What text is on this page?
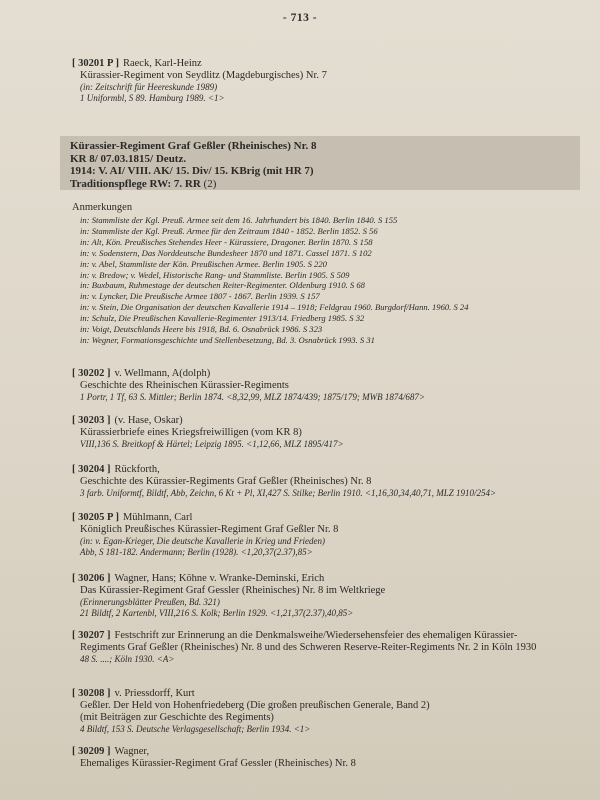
- 713 -
[ 30201 P ] Raeck, Karl-Heinz
Kürassier-Regiment von Seydlitz (Magdeburgisches) Nr. 7
(in: Zeitschrift für Heereskunde 1989)
1 Uniformbl, S 89. Hamburg 1989. <1>
Kürassier-Regiment Graf Geßler (Rheinisches) Nr. 8
KR 8/ 07.03.1815/ Deutz.
1914: V. AI/ VIII. AK/ 15. Div/ 15. KBrig (mit HR 7)
Traditionspflege RW: 7. RR (2)
Anmerkungen
in: Stammliste der Kgl. Preuß. Armee seit dem 16. Jahrhundert bis 1840. Berlin 1840. S 155
in: Stammliste der Kgl. Preuß. Armee für den Zeitraum 1840 - 1852. Berlin 1852. S 56
in: Alt, Kön. Preußisches Stehendes Heer - Kürassiere, Dragoner. Berlin 1870. S 158
in: v. Sodenstern, Das Norddeutsche Bundesheer 1870 und 1871. Cassel 1871. S 102
in: v. Abel, Stammliste der Kön. Preußischen Armee. Berlin 1905. S 220
in: v. Bredow; v. Wedel, Historische Rang- und Stammliste. Berlin 1905. S 509
in: Buxbaum, Ruhmestage der deutschen Reiter-Regimenter. Oldenburg 1910. S 68
in: v. Lyncker, Die Preußische Armee 1807 - 1867. Berlin 1939. S 157
in: v. Stein, Die Organisation der deutschen Kavallerie 1914 – 1918; Feldgrau 1960. Burgdorf/Hann. 1960. S 24
in: Schulz, Die Preußischen Kavallerie-Regimenter 1913/14. Friedberg 1985. S 32
in: Voigt, Deutschlands Heere bis 1918, Bd. 6. Osnabrück 1986. S 323
in: Wegner, Formationsgeschichte und Stellenbesetzung, Bd. 3. Osnabrück 1993. S 31
[ 30202 ] v. Wellmann, A(dolph)
Geschichte des Rheinischen Kürassier-Regiments
1 Portr, 1 Tf, 63 S. Mittler; Berlin 1874. <8,32,99, MLZ 1874/439; 1875/179; MWB 1874/687>
[ 30203 ] (v. Hase, Oskar)
Kürassierbriefe eines Kriegsfreiwilligen (vom KR 8)
VIII,136 S. Breitkopf & Härtel; Leipzig 1895. <1,12,66, MLZ 1895/417>
[ 30204 ] Rückforth,
Geschichte des Kürassier-Regiments Graf Geßler (Rheinisches) Nr. 8
3 farb. Uniformtf, Bildtf, Abb, Zeichn, 6 Kt + Pl, XI,427 S. Stilke; Berlin 1910. <1,16,30,34,40,71, MLZ 1910/254>
[ 30205 P ] Mühlmann, Carl
Königlich Preußisches Kürassier-Regiment Graf Geßler Nr. 8
(in: v. Egan-Krieger, Die deutsche Kavallerie in Krieg und Frieden)
Abb, S 181-182. Andermann; Berlin (1928). <1,20,37(2.37),85>
[ 30206 ] Wagner, Hans; Köhne v. Wranke-Deminski, Erich
Das Kürassier-Regiment Graf Gessler (Rheinisches) Nr. 8 im Weltkriege
(Erinnerungsblätter Preußen, Bd. 321)
21 Bildtf, 2 Kartenbl, VIII,216 S. Kolk; Berlin 1929. <1,21,37(2.37),40,85>
[ 30207 ] Festschrift zur Erinnerung an die Denkmalsweihe/Wiedersehensfeier des ehemaligen Kürassier-
Regiments Graf Geßler (Rheinisches) Nr. 8 und des Schweren Reserve-Reiter-Regiments Nr. 2 in Köln 1930
48 S. ....; Köln 1930. <A>
[ 30208 ] v. Priessdorff, Kurt
Geßler. Der Held von Hohenfriedeberg (Die großen preußischen Generale, Band 2)
(mit Beiträgen zur Geschichte des Regiments)
4 Bildtf, 153 S. Deutsche Verlagsgesellschaft; Berlin 1934. <1>
[ 30209 ] Wagner,
Ehemaliges Kürassier-Regiment Graf Gessler (Rheinisches) Nr. 8
